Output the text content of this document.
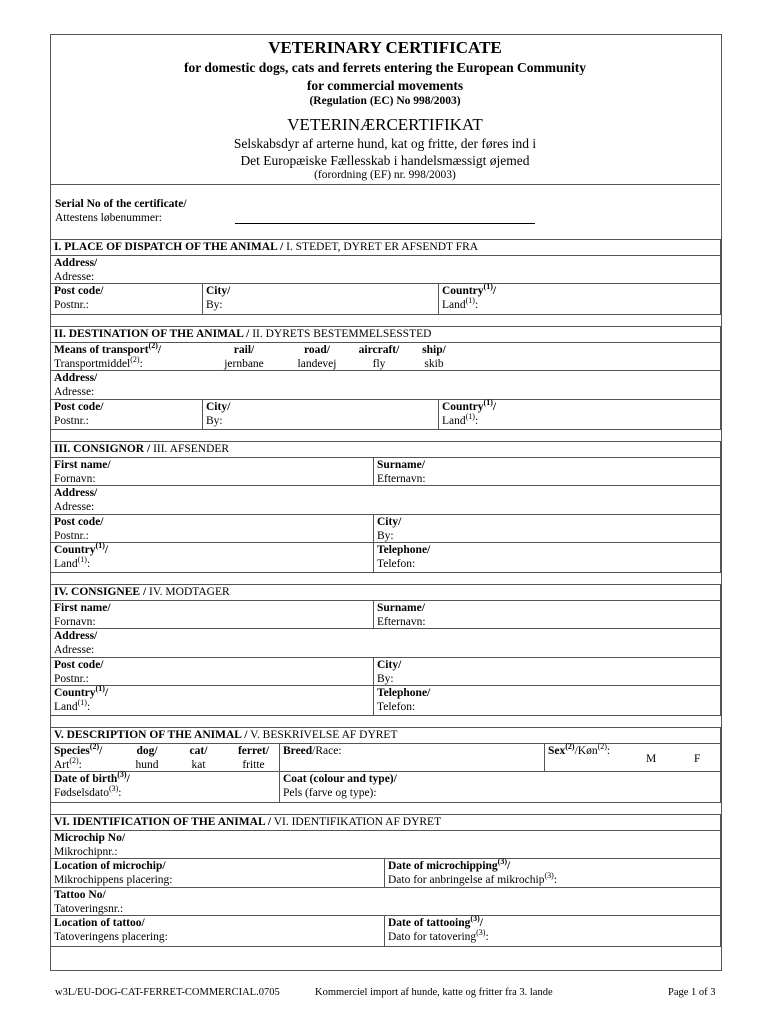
VETERINARY CERTIFICATE
for domestic dogs, cats and ferrets entering the European Community
for commercial movements
(Regulation (EC) No 998/2003)
VETERINÆRCERTIFIKAT
Selskabsdyr af arterne hund, kat og fritte, der føres ind i
Det Europæiske Fællesskab i handelsmæssigt øjemed
(forordning (EF) nr. 998/2003)
Serial No of the certificate/
Attestens løbenummer:
I. PLACE OF DISPATCH OF THE ANIMAL / I. STEDET, DYRET ER AFSENDT FRA
Address/
Adresse:
Post code/
Postnr.:
City/
By:
Country$^{(1)}$/
Land$^{(1)}$:
II. DESTINATION OF THE ANIMAL / II. DYRETS BESTEMMELSESSTED
Means of transport$^{(2)}$/
Transportmiddel$^{(2)}$:
rail/
jernbane
road/
landevej
aircraft/
fly
ship/
skib
Address/
Adresse:
Post code/
Postnr.:
City/
By:
Country$^{(1)}$/
Land$^{(1)}$:
III. CONSIGNOR / III. AFSENDER
First name/
Fornavn:
Surname/
Efternavn:
Address/
Adresse:
Post code/
Postnr.:
City/
By:
Country$^{(1)}$/
Land$^{(1)}$:
Telephone/
Telefon:
IV. CONSIGNEE / IV. MODTAGER
First name/
Fornavn:
Surname/
Efternavn:
Address/
Adresse:
Post code/
Postnr.:
City/
By:
Country$^{(1)}$/
Land$^{(1)}$:
Telephone/
Telefon:
V. DESCRIPTION OF THE ANIMAL / V. BESKRIVELSE AF DYRET
Species$^{(2)}$/
Art$^{(2)}$:
dog/
hund
cat/
kat
ferret/
fritte
Breed/Race:	Sex$^{(2)}$/Køn$^{(2)}$:
M	F
Date of birth$^{(3)}$/
Fødselsdato$^{(3)}$:
Coat (colour and type)/
Pels (farve og type):
VI. IDENTIFICATION OF THE ANIMAL / VI. IDENTIFIKATION AF DYRET
Microchip No/
Mikrochipnr.:
Location of microchip/
Mikrochippens placering:
Date of microchipping$^{(3)}$/
Dato for anbringelse af mikrochip$^{(3)}$:
Tattoo No/
Tatoveringsnr.:
Location of tattoo/
Tatoveringens placering:
Date of tattooing$^{(3)}$/
Dato for tatovering$^{(3)}$:
w3L/EU-DOG-CAT-FERRET-COMMERCIAL.0705	Kommerciel import af hunde, katte og fritter fra 3. lande	Page 1 of 3
